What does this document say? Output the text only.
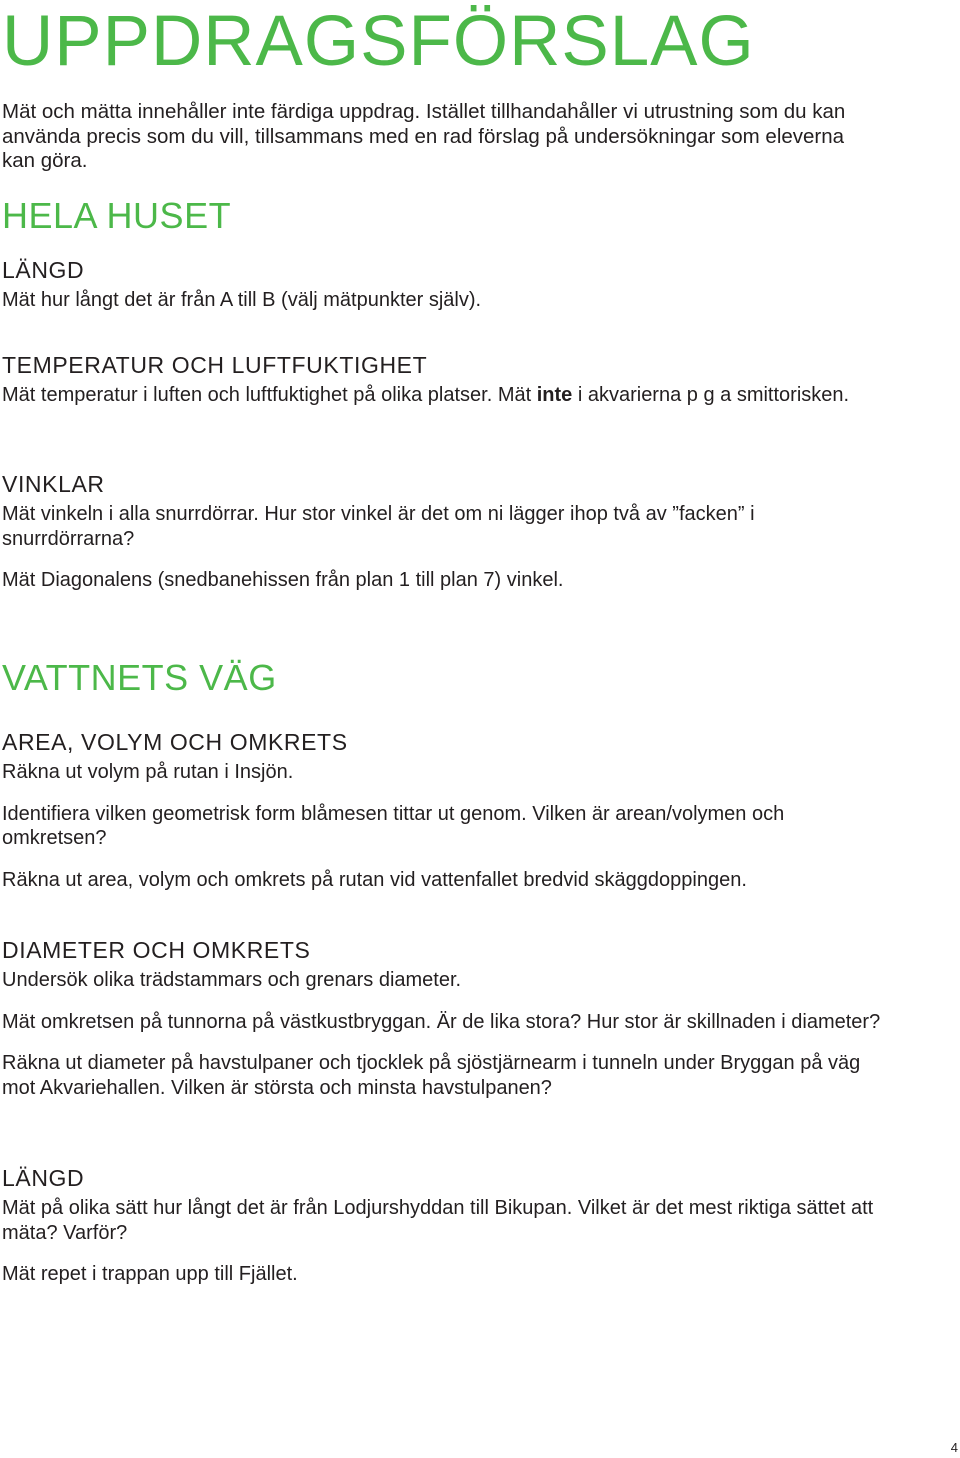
UPPDRAGSFÖRSLAG

Mät och mätta innehåller inte färdiga uppdrag. Istället tillhandahåller vi utrustning som du kan använda precis som du vill, tillsammans med en rad förslag på undersökningar som eleverna kan göra.

HELA HUSET
LÄNGD

Mät hur långt det är från A till B (välj mätpunkter själv).

TEMPERATUR OCH LUFTFUKTIGHET

Mät temperatur i luften och luftfuktighet på olika platser. Mät inte i akvarierna p g a smittorisken.

VINKLAR

Mät vinkeln i alla snurrdörrar. Hur stor vinkel är det om ni lägger ihop två av ”facken” i snurrdörrarna?

Mät Diagonalens (snedbanehissen från plan 1 till plan 7) vinkel.

VATTNETS VÄG
AREA, VOLYM OCH OMKRETS

Räkna ut volym på rutan i Insjön.

Identifiera vilken geometrisk form blåmesen tittar ut genom. Vilken är arean/volymen och omkretsen?

Räkna ut area, volym och omkrets på rutan vid vattenfallet bredvid skäggdoppingen.

DIAMETER OCH OMKRETS

Undersök olika trädstammars och grenars diameter.

Mät omkretsen på tunnorna på västkustbryggan. Är de lika stora? Hur stor är skillnaden i diameter?

Räkna ut diameter på havstulpaner och tjocklek på sjöstjärnearm i tunneln under Bryggan på väg mot Akvariehallen. Vilken är största och minsta havstulpanen?

LÄNGD

Mät på olika sätt hur långt det är från Lodjurshyddan till Bikupan. Vilket är det mest riktiga sättet att mäta? Varför?

Mät repet i trappan upp till Fjället.

4
